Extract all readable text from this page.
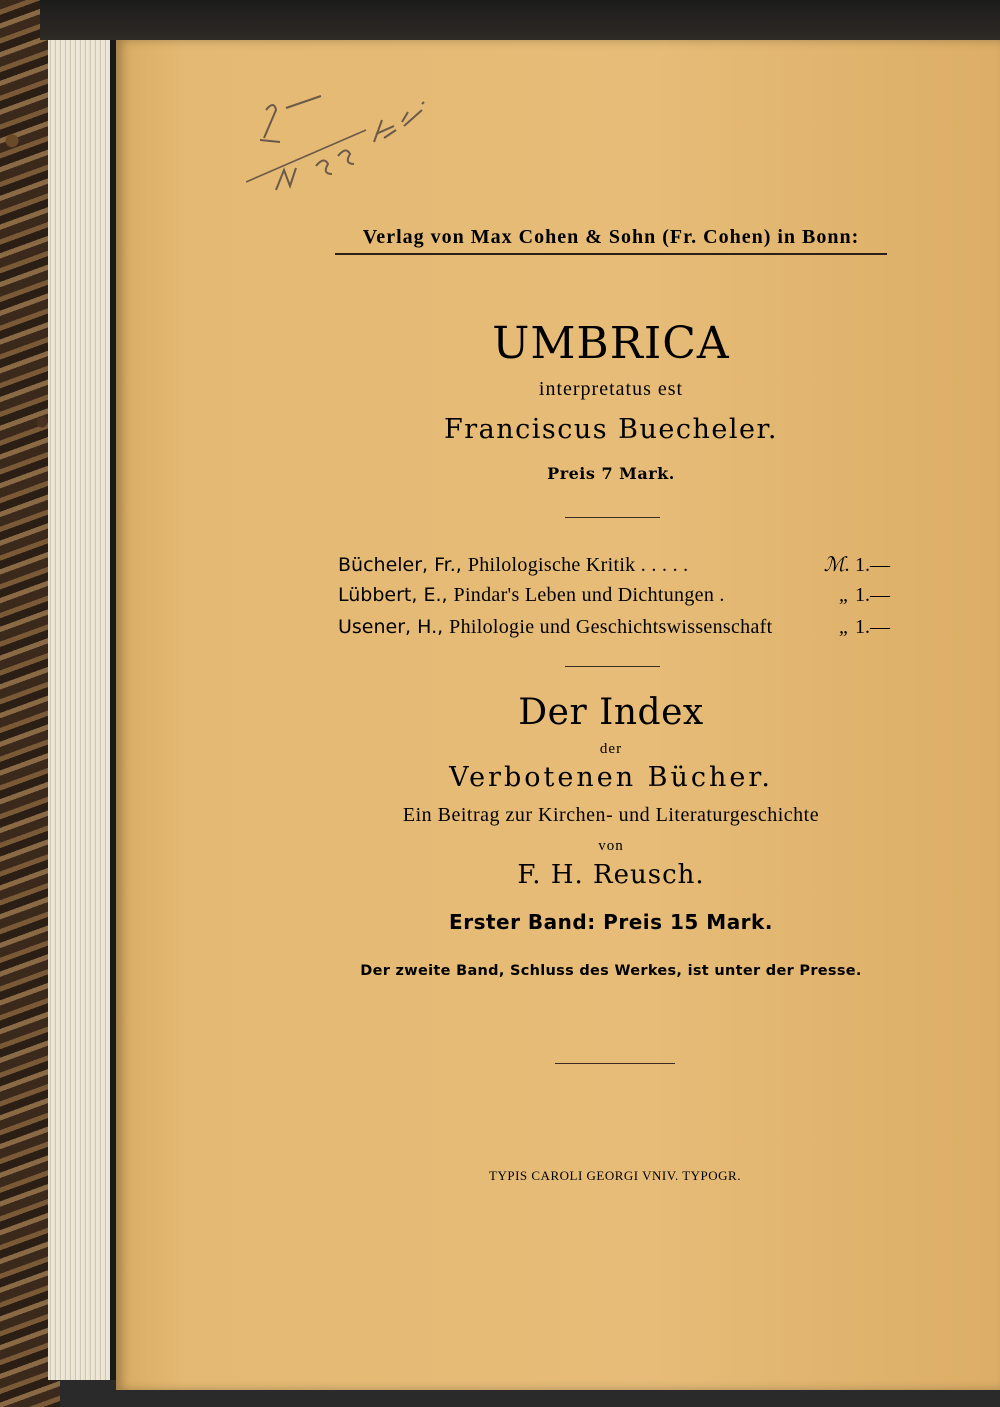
Verlag von Max Cohen & Sohn (Fr. Cohen) in Bonn:
UMBRICA
interpretatus est
Franciscus Buecheler.
Preis 7 Mark.
Bücheler, Fr., Philologische Kritik . . . . .	ℳ. 1.—
Lübbert, E., Pindar's Leben und Dichtungen .	„ 1.—
Usener, H., Philologie und Geschichtswissenschaft	„ 1.—
Der Index
der
Verbotenen Bücher.
Ein Beitrag zur Kirchen- und Literaturgeschichte
von
F. H. Reusch.
Erster Band: Preis 15 Mark.
Der zweite Band, Schluss des Werkes, ist unter der Presse.
TYPIS CAROLI GEORGI VNIV. TYPOGR.
